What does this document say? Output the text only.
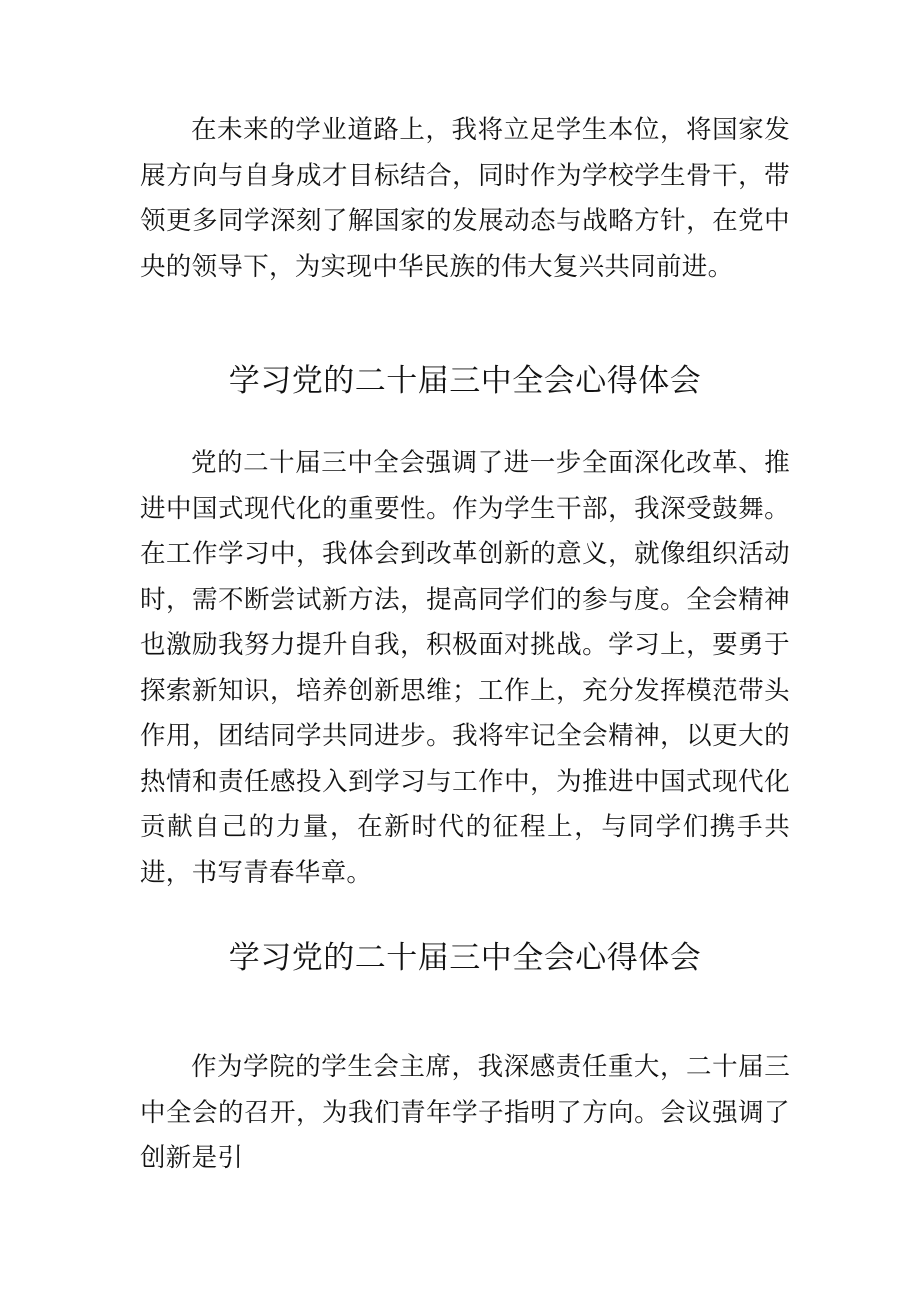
在未来的学业道路上，我将立足学生本位，将国家发展方向与自身成才目标结合，同时作为学校学生骨干，带领更多同学深刻了解国家的发展动态与战略方针，在党中央的领导下，为实现中华民族的伟大复兴共同前进。

学习党的二十届三中全会心得体会

党的二十届三中全会强调了进一步全面深化改革、推进中国式现代化的重要性。作为学生干部，我深受鼓舞。在工作学习中，我体会到改革创新的意义，就像组织活动时，需不断尝试新方法，提高同学们的参与度。全会精神也激励我努力提升自我，积极面对挑战。学习上，要勇于探索新知识，培养创新思维；工作上，充分发挥模范带头作用，团结同学共同进步。我将牢记全会精神，以更大的热情和责任感投入到学习与工作中，为推进中国式现代化贡献自己的力量，在新时代的征程上，与同学们携手共进，书写青春华章。

学习党的二十届三中全会心得体会

作为学院的学生会主席，我深感责任重大，二十届三中全会的召开，为我们青年学子指明了方向。会议强调了创新是引
